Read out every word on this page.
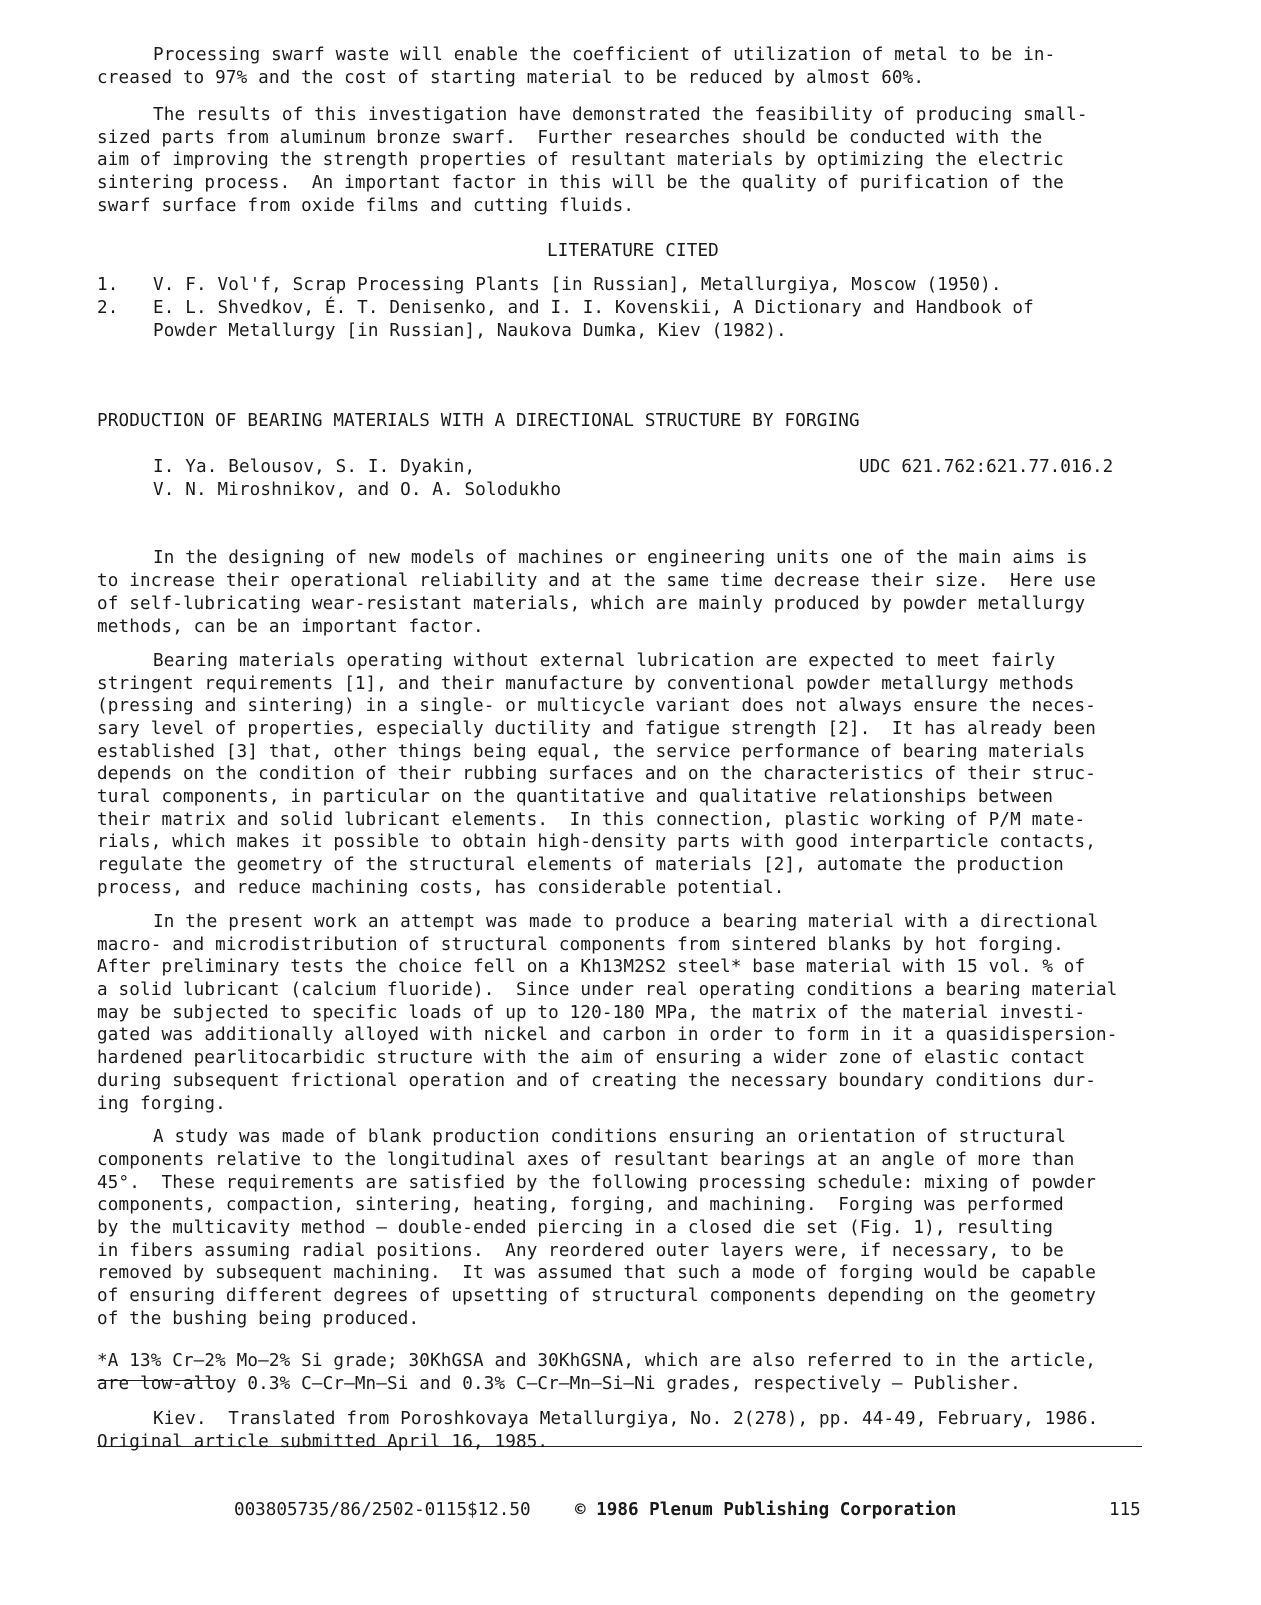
Processing swarf waste will enable the coefficient of utilization of metal to be in-
creased to 97% and the cost of starting material to be reduced by almost 60%.
The results of this investigation have demonstrated the feasibility of producing small-
sized parts from aluminum bronze swarf.  Further researches should be conducted with the
aim of improving the strength properties of resultant materials by optimizing the electric
sintering process.  An important factor in this will be the quality of purification of the
swarf surface from oxide films and cutting fluids.
LITERATURE CITED
1. V. F. Vol'f, Scrap Processing Plants [in Russian], Metallurgiya, Moscow (1950).
2. E. L. Shvedkov, É. T. Denisenko, and I. I. Kovenskii, A Dictionary and Handbook of
Powder Metallurgy [in Russian], Naukova Dumka, Kiev (1982).
PRODUCTION OF BEARING MATERIALS WITH A DIRECTIONAL STRUCTURE BY FORGING
I. Ya. Belousov, S. I. Dyakin,
V. N. Miroshnikov, and O. A. Solodukho
UDC 621.762:621.77.016.2
In the designing of new models of machines or engineering units one of the main aims is
to increase their operational reliability and at the same time decrease their size.  Here use
of self-lubricating wear-resistant materials, which are mainly produced by powder metallurgy
methods, can be an important factor.
Bearing materials operating without external lubrication are expected to meet fairly
stringent requirements [1], and their manufacture by conventional powder metallurgy methods
(pressing and sintering) in a single- or multicycle variant does not always ensure the neces-
sary level of properties, especially ductility and fatigue strength [2].  It has already been
established [3] that, other things being equal, the service performance of bearing materials
depends on the condition of their rubbing surfaces and on the characteristics of their struc-
tural components, in particular on the quantitative and qualitative relationships between
their matrix and solid lubricant elements.  In this connection, plastic working of P/M mate-
rials, which makes it possible to obtain high-density parts with good interparticle contacts,
regulate the geometry of the structural elements of materials [2], automate the production
process, and reduce machining costs, has considerable potential.
In the present work an attempt was made to produce a bearing material with a directional
macro- and microdistribution of structural components from sintered blanks by hot forging.
After preliminary tests the choice fell on a Kh13M2S2 steel* base material with 15 vol. % of
a solid lubricant (calcium fluoride).  Since under real operating conditions a bearing material
may be subjected to specific loads of up to 120-180 MPa, the matrix of the material investi-
gated was additionally alloyed with nickel and carbon in order to form in it a quasidispersion-
hardened pearlitocarbidic structure with the aim of ensuring a wider zone of elastic contact
during subsequent frictional operation and of creating the necessary boundary conditions dur-
ing forging.
A study was made of blank production conditions ensuring an orientation of structural
components relative to the longitudinal axes of resultant bearings at an angle of more than
45°.  These requirements are satisfied by the following processing schedule: mixing of powder
components, compaction, sintering, heating, forging, and machining.  Forging was performed
by the multicavity method — double-ended piercing in a closed die set (Fig. 1), resulting
in fibers assuming radial positions.  Any reordered outer layers were, if necessary, to be
removed by subsequent machining.  It was assumed that such a mode of forging would be capable
of ensuring different degrees of upsetting of structural components depending on the geometry
of the bushing being produced.
*A 13% Cr—2% Mo—2% Si grade; 30KhGSA and 30KhGSNA, which are also referred to in the article,
are low-alloy 0.3% C—Cr—Mn—Si and 0.3% C—Cr—Mn—Si—Ni grades, respectively — Publisher.
Kiev.  Translated from Poroshkovaya Metallurgiya, No. 2(278), pp. 44-49, February, 1986.
Original article submitted April 16, 1985.
003805735/86/2502-0115$12.50	© 1986 Plenum Publishing Corporation	115
